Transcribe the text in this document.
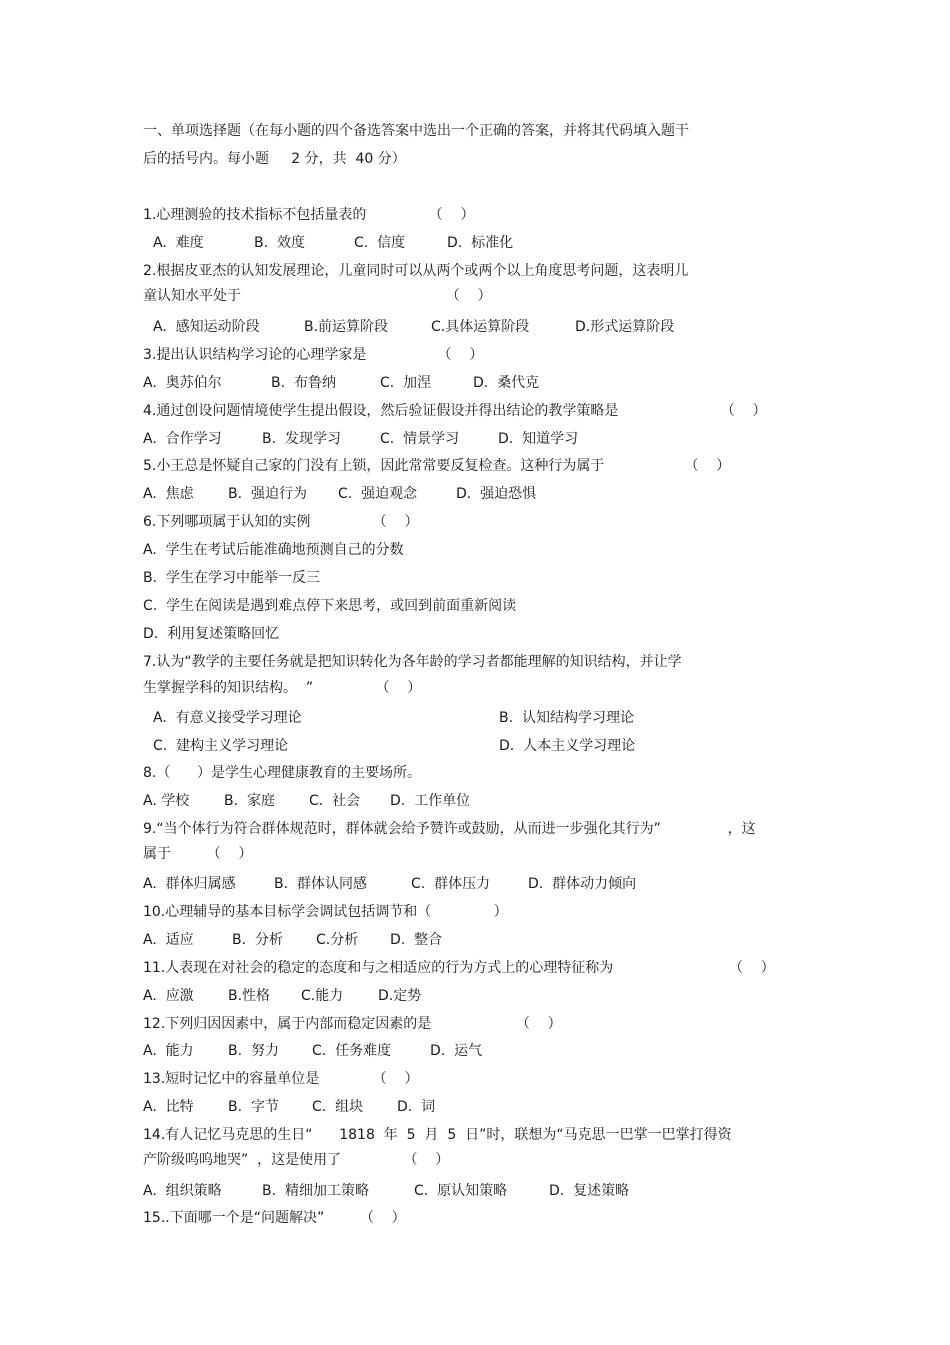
一、单项选择题（在每小题的四个备选答案中选出一个正确的答案，并将其代码填入题干
后的括号内。每小题     2 分，共  40 分）
1.心理测验的技术指标不包括量表的              （    ）
A.  难度	B.  效度	C.  信度	D.  标准化
2.根据皮亚杰的认知发展理论，儿童同时可以从两个或两个以上角度思考问题，这表明儿
童认知水平处于                                              （    ）
A.  感知运动阶段	B.前运算阶段	C.具体运算阶段	D.形式运算阶段
3.提出认识结构学习论的心理学家是                （    ）
A.  奥苏伯尔	B.  布鲁纳	C.  加涅	D.  桑代克
4.通过创设问题情境使学生提出假设，然后验证假设并得出结论的教学策略是                       （    ）
A.  合作学习	B.  发现学习	C.  情景学习	D.  知道学习
5.小王总是怀疑自己家的门没有上锁，因此常常要反复检查。这种行为属于                  （    ）
A.  焦虑 B.  强迫行为 C.  强迫观念	D.  强迫恐惧
6.下列哪项属于认知的实例              （    ）
A.  学生在考试后能准确地预测自己的分数
B.  学生在学习中能举一反三
C.  学生在阅读是遇到难点停下来思考，或回到前面重新阅读
D.  利用复述策略回忆
7.认为“教学的主要任务就是把知识转化为各年龄的学习者都能理解的知识结构，并让学
生掌握学科的知识结构。  ”              （    ）
A.  有意义接受学习理论	B.  认知结构学习理论
C.  建构主义学习理论	D.  人本主义学习理论
8.（      ）是学生心理健康教育的主要场所。
A. 学校 B.  家庭 C.  社会 D.  工作单位
9.“当个体行为符合群体规范时，群体就会给予赞许或鼓励，从而进一步强化其行为”               ，这
属于        （    ）
A.  群体归属感	B.  群体认同感	C.  群体压力	D.  群体动力倾向
10.心理辅导的基本目标学会调试包括调节和（              ）
A.  适应	B.  分析 C.分析 D.  整合
11.人表现在对社会的稳定的态度和与之相适应的行为方式上的心理特征称为                          （    ）
A.  应激 B.性格 C.能力 D.定势
12.下列归因因素中，属于内部而稳定因素的是                   （    ）
A.  能力 B.  努力 C.  任务难度	D.  运气
13.短时记忆中的容量单位是            （    ）
A.  比特 B.  字节 C.  组块 D.  词
14.有人记忆马克思的生日“      1818  年  5  月  5  日”时，联想为“马克思一巴掌一巴掌打得资
产阶级呜呜地哭”  ，这是使用了              （    ）
A.  组织策略	B.  精细加工策略	C.  原认知策略	D.  复述策略
15..下面哪一个是“问题解决”        （    ）
